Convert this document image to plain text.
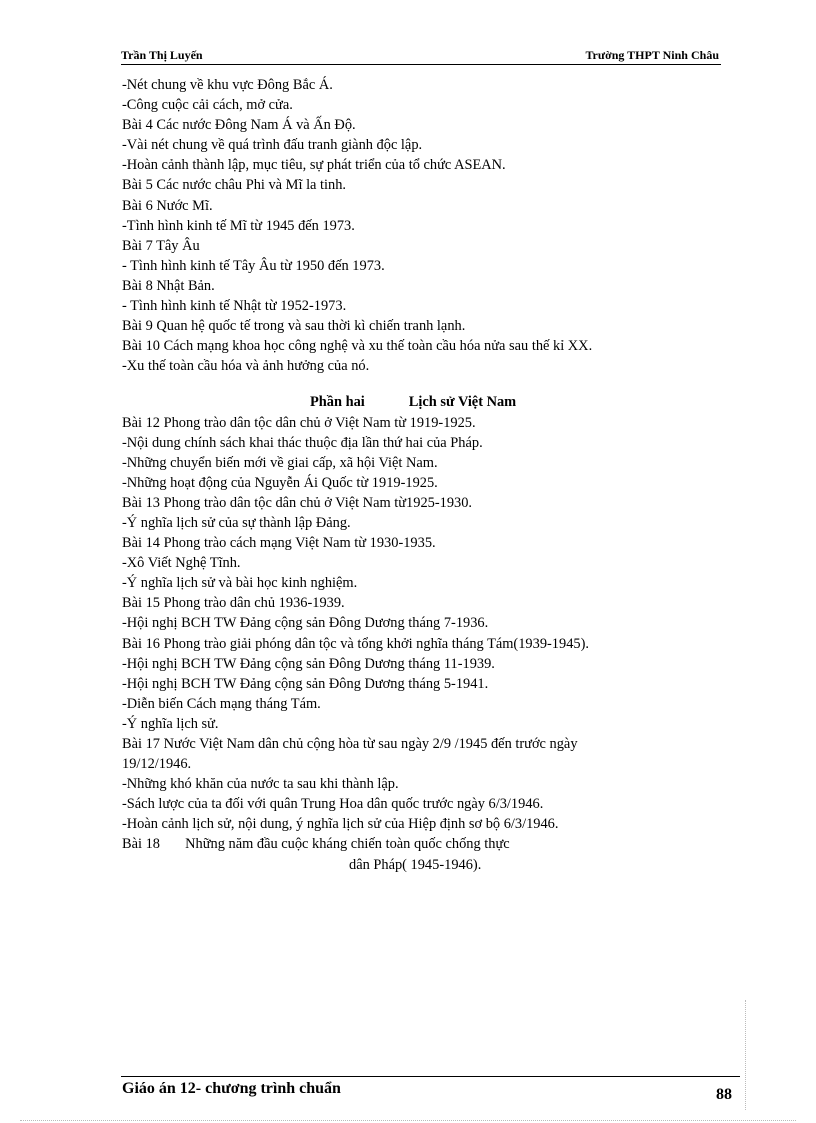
Trần Thị Luyến	Trường THPT Ninh Châu
-Nét chung về khu vực Đông Bắc Á.
-Công cuộc cải cách, mở cửa.
Bài 4 Các nước Đông Nam Á và Ấn Độ.
-Vài nét chung về quá trình đấu tranh giành độc lập.
-Hoàn cảnh thành lập, mục tiêu, sự phát triển của tổ chức ASEAN.
Bài 5 Các nước châu Phi và Mĩ la tinh.
Bài 6 Nước Mĩ.
-Tình hình kinh tế Mĩ từ 1945 đến 1973.
Bài 7 Tây Âu
- Tình hình kinh tế Tây Âu từ 1950 đến 1973.
Bài 8 Nhật Bản.
- Tình hình kinh tế Nhật từ 1952-1973.
Bài 9 Quan hệ quốc tế trong và sau thời kì chiến tranh lạnh.
Bài 10 Cách mạng khoa học công nghệ và xu thế toàn cầu hóa nửa sau thế kỉ XX.
-Xu thế toàn cầu hóa và ảnh hưởng của nó.
Phần hai	Lịch sử Việt Nam
Bài 12 Phong trào dân tộc dân chủ ở Việt Nam từ 1919-1925.
-Nội dung chính sách khai thác thuộc địa lần thứ hai của Pháp.
-Những chuyển biến mới về giai cấp, xã hội Việt Nam.
-Những hoạt động của Nguyễn Ái Quốc từ 1919-1925.
Bài 13 Phong trào dân tộc dân chủ ở Việt Nam từ1925-1930.
-Ý nghĩa lịch sử của sự thành lập Đảng.
Bài 14 Phong trào cách mạng Việt Nam từ 1930-1935.
-Xô Viết Nghệ Tĩnh.
-Ý nghĩa lịch sử và bài học kinh nghiệm.
Bài 15 Phong trào dân chủ 1936-1939.
-Hội nghị BCH TW Đảng cộng sản Đông Dương tháng 7-1936.
Bài 16 Phong trào giải phóng dân tộc và tổng khởi nghĩa tháng Tám(1939-1945).
-Hội nghị BCH TW Đảng cộng sản Đông Dương tháng 11-1939.
-Hội nghị BCH TW Đảng cộng sản Đông Dương tháng 5-1941.
-Diễn biến Cách mạng tháng Tám.
-Ý nghĩa lịch sử.
Bài 17 Nước Việt Nam dân chủ cộng hòa từ sau ngày 2/9 /1945 đến trước ngày
19/12/1946.
-Những khó khăn của nước ta sau khi thành lập.
-Sách lược của ta đối với quân Trung Hoa dân quốc trước ngày 6/3/1946.
-Hoàn cảnh lịch sử, nội dung, ý nghĩa lịch sử của Hiệp định sơ bộ 6/3/1946.
Bài 18       Những năm đầu cuộc kháng chiến toàn quốc chống thực
dân Pháp( 1945-1946).
Giáo án 12- chương trình chuẩn	88
